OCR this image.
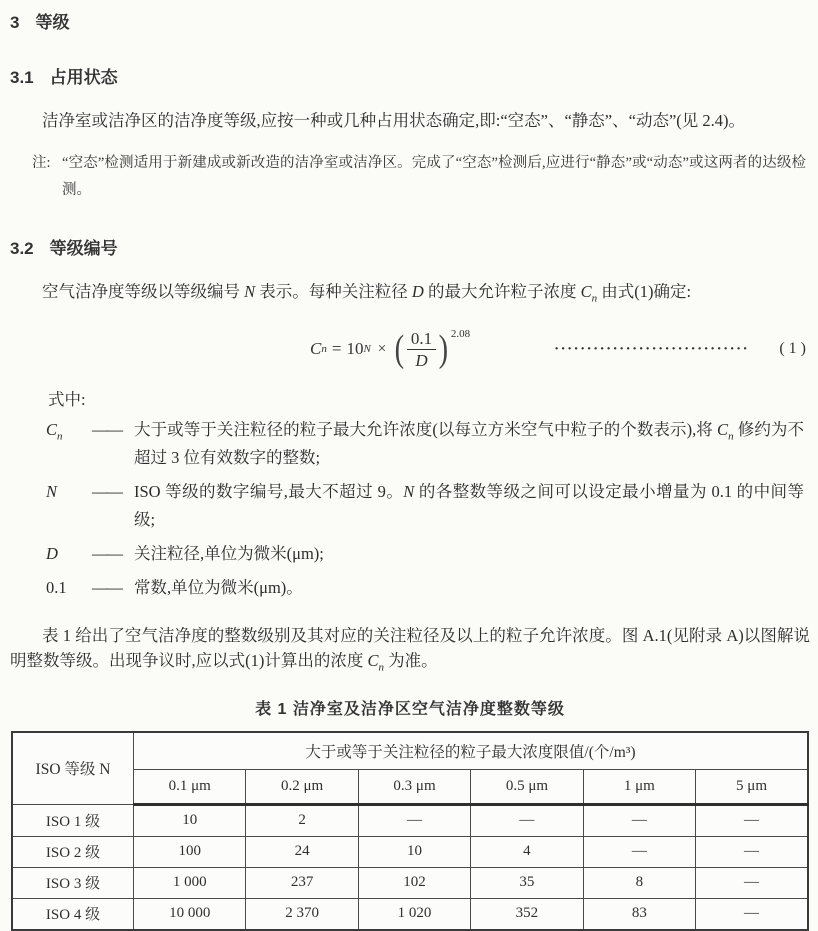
3 等级
3.1 占用状态

洁净室或洁净区的洁净度等级,应按一种或几种占用状态确定,即:“空态”、“静态”、“动态”(见 2.4)。

注: “空态”检测适用于新建成或新改造的洁净室或洁净区。完成了“空态”检测后,应进行“静态”或“动态”或这两者的达级检测。
3.2 等级编号

空气洁净度等级以等级编号 N 表示。每种关注粒径 D 的最大允许粒子浓度 $C_n$ 由式(1)确定:

C n = 10 N × ( $\frac{0.1}{D} )^{2.08}$
······························	( 1 )
式中:
$C_n$	—— 大于或等于关注粒径的粒子最大允许浓度(以每立方米空气中粒子的个数表示),将 $C_n$ 修约为不超过 3 位有效数字的整数;
N	—— ISO 等级的数字编号,最大不超过 9。N 的各整数等级之间可以设定最小增量为 0.1 的中间等级;
D	—— 关注粒径,单位为微米(μm);
0.1	—— 常数,单位为微米(μm)。

表 1 给出了空气洁净度的整数级别及其对应的关注粒径及以上的粒子允许浓度。图 A.1(见附录 A)以图解说明整数等级。出现争议时,应以式(1)计算出的浓度 $C_n$ 为准。

表 1 洁净室及洁净区空气洁净度整数等级
ISO 等级 N	大于或等于关注粒径的粒子最大浓度限值/(个/m³)					
	0.1 μm	0.2 μm	0.3 μm	0.5 μm	1 μm	5 μm
ISO 1 级	10	2	—	—	—	—
ISO 2 级	100	24	10	4	—	—
ISO 3 级	1 000	237	102	35	8	—
ISO 4 级	10 000	2 370	1 020	352	83	—
